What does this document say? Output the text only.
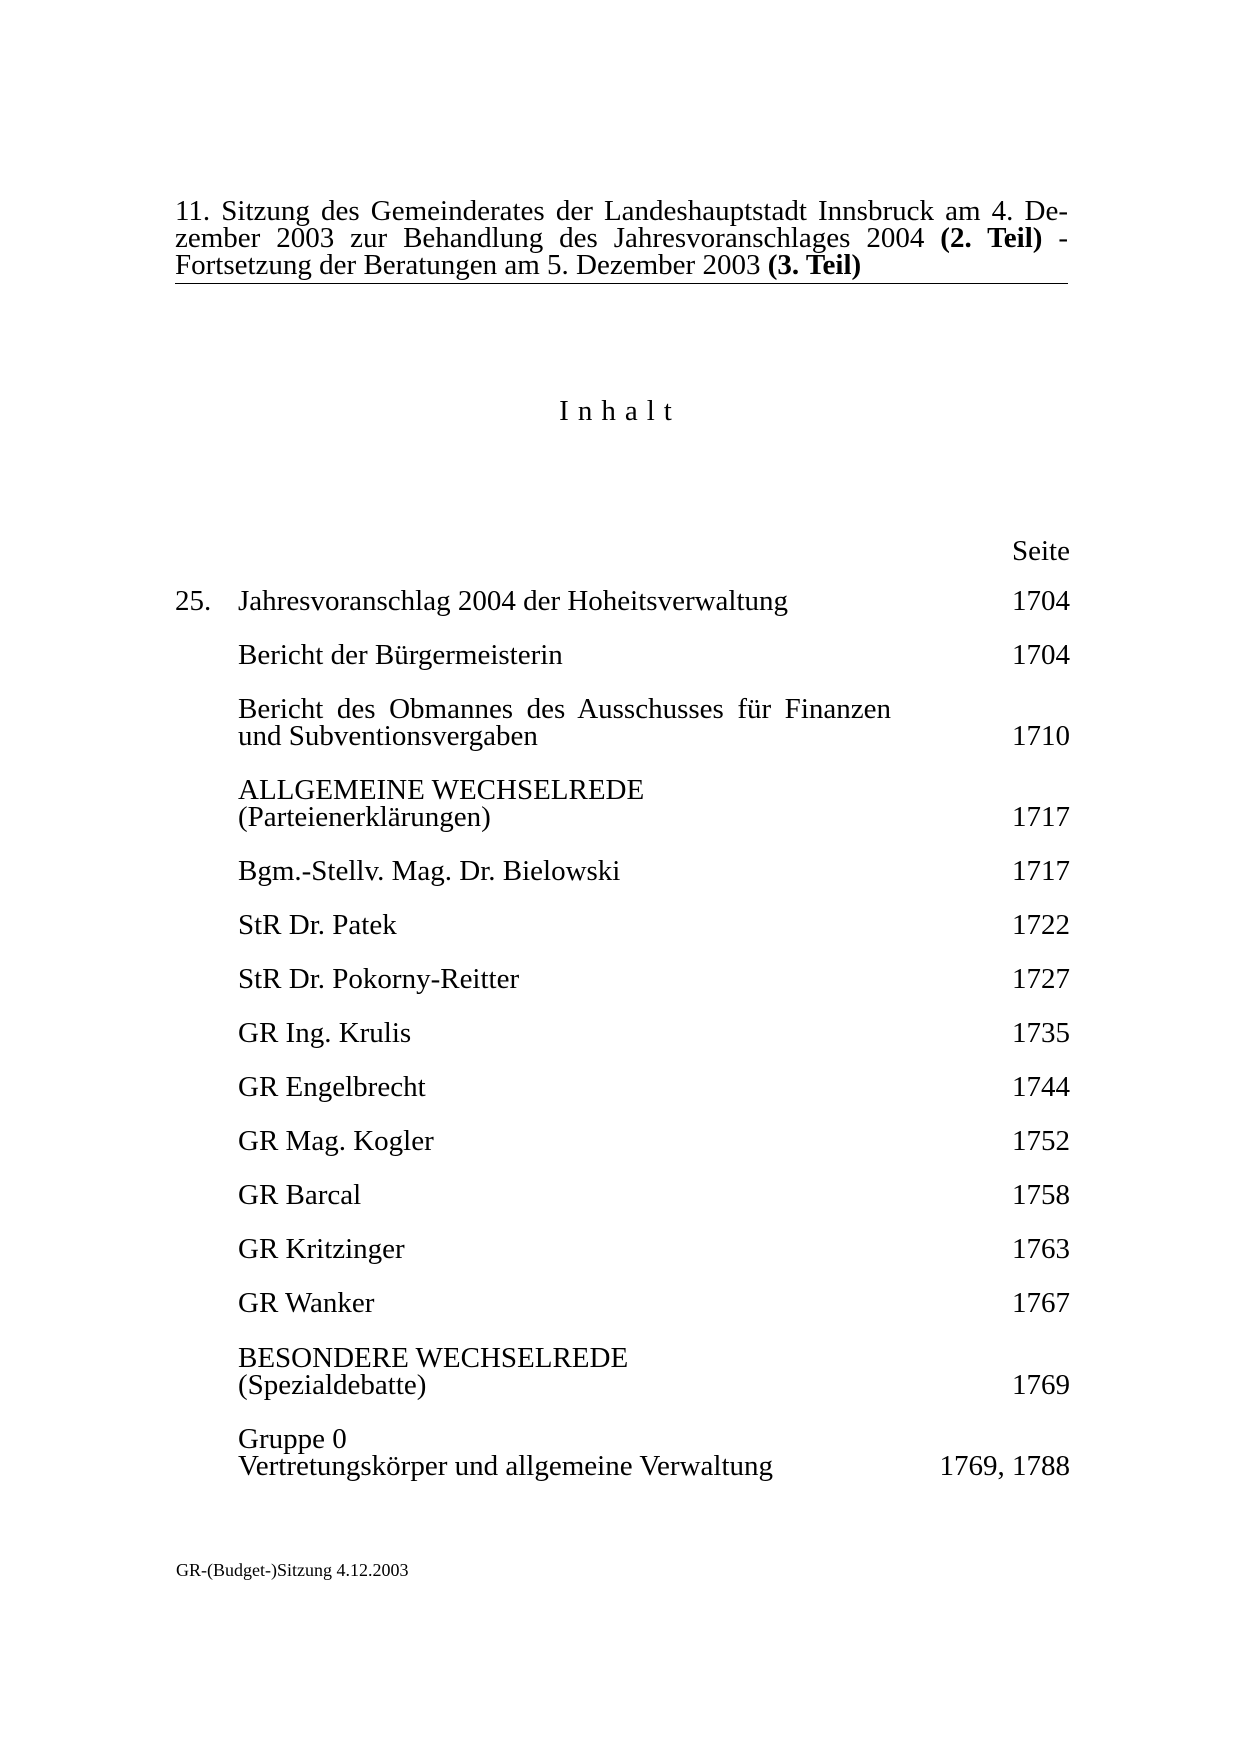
11. Sitzung des Gemeinderates der Landeshauptstadt Innsbruck am 4. De-
zember 2003 zur Behandlung des Jahresvoranschlages 2004 (2. Teil) -
Fortsetzung der Beratungen am 5. Dezember 2003 (3. Teil)
Inhalt
Seite
25. Jahresvoranschlag 2004 der Hoheitsverwaltung	1704
Bericht der Bürgermeisterin	1704
Bericht des Obmannes des Ausschusses für Finanzen
und Subventionsvergaben	1710
ALLGEMEINE WECHSELREDE
(Parteienerklärungen)	1717
Bgm.-Stellv. Mag. Dr. Bielowski	1717
StR Dr. Patek	1722
StR Dr. Pokorny-Reitter	1727
GR Ing. Krulis	1735
GR Engelbrecht	1744
GR Mag. Kogler	1752
GR Barcal	1758
GR Kritzinger	1763
GR Wanker	1767
BESONDERE WECHSELREDE
(Spezialdebatte)	1769
Gruppe 0
Vertretungskörper und allgemeine Verwaltung	1769, 1788
GR-(Budget-)Sitzung 4.12.2003
